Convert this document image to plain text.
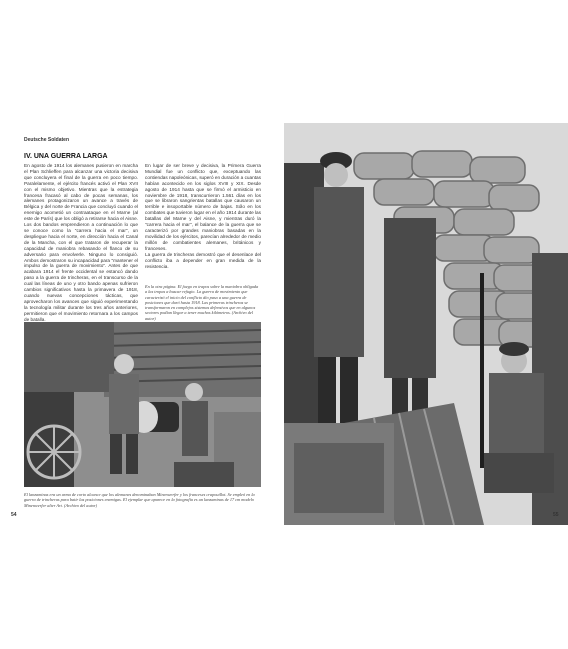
Deutsche Soldaten
IV. UNA GUERRA LARGA

En agosto de 1914 los alemanes pusieron en marcha el Plan Schlieffen para alcanzar una victoria decisiva que concluyera el final de la guerra en poco tiempo. Paralelamente, el ejército francés activó el Plan XVII con el mismo objetivo. Mientras que la estrategia francesa fracasó al cabo de pocas semanas, los alemanes protagonizaron un avance a través de Bélgica y del norte de Francia que concluyó cuando el enemigo acometió un contraataque en el Marne (al este de París) que los obligó a retirarse hacia el Aisne. Los dos bandos emprendieron a continuación lo que se conoce como la "carrera hacia el mar", un despliegue hacia el norte, en dirección hacia el Canal de la Mancha, con el que trataron de recuperar la capacidad de maniobra rebasando el flanco de su adversario para envolverle. Ninguno lo consiguió. Ambos demostraron su incapacidad para "mantener el impulso de la guerra de movimiento". Antes de que acabara 1914 el frente occidental se estancó dando paso a la guerra de trincheras, en el transcurso de la cual las líneas de uno y otro bando apenas sufrieron cambios significativos hasta la primavera de 1918, cuando nuevas concepciones tácticas, que aprovecharon los avances que siguió experimentando la tecnología militar durante los tres años anteriores, permitieron que el movimiento retornara a los campos de batalla.

En lugar de ser breve y decisiva, la Primera Guerra Mundial fue un conflicto que, exceptuando las contiendas napoleónicas, superó en duración a cuantas habían acontecido en los siglos XVIII y XIX. Desde agosto de 1914 hasta que se firmó el armisticio en noviembre de 1918, transcurrieron 1.561 días en los que se libraron sangrientas batallas que causaron un terrible e insoportable número de bajas. Sólo en los combates que tuvieron lugar en el año 1914 durante las batallas del Marne y del Aisne, y mientras duró la "carrera hacia el mar", el balance de la guerra que se caracterizó por grandes maniobras basadas en la movilidad de los ejércitos, parecían alrededor de medio millón de combatientes alemanes, británicos y franceses.

La guerra de trincheras demostró que el desenlace del conflicto iba a depender en gran medida de la resistencia.

En la otra página. El fuego en trapos sobre la maniobra obligada a las tropas a buscar refugio. La guerra de movimiento que caracterizó el inicio del conflicto dio paso a una guerra de posiciones que duró hasta 1918. Las primeras trincheras se transformaron en complejos sistemas defensivos que en algunos sectores podían llegar a tener muchos kilómetros. (Archivo del autor)

El lanzaminas era un arma de corto alcance que los alemanes denominaban Minenwerfer y los franceses crapouillot. Se empleó en la guerra de trincheras para batir las posiciones enemigas. El ejemplar que aparece en la fotografía es un lanzaminas de 17 cm modelo Minenwerfer alter Art. (Archivo del autor)

54	55
